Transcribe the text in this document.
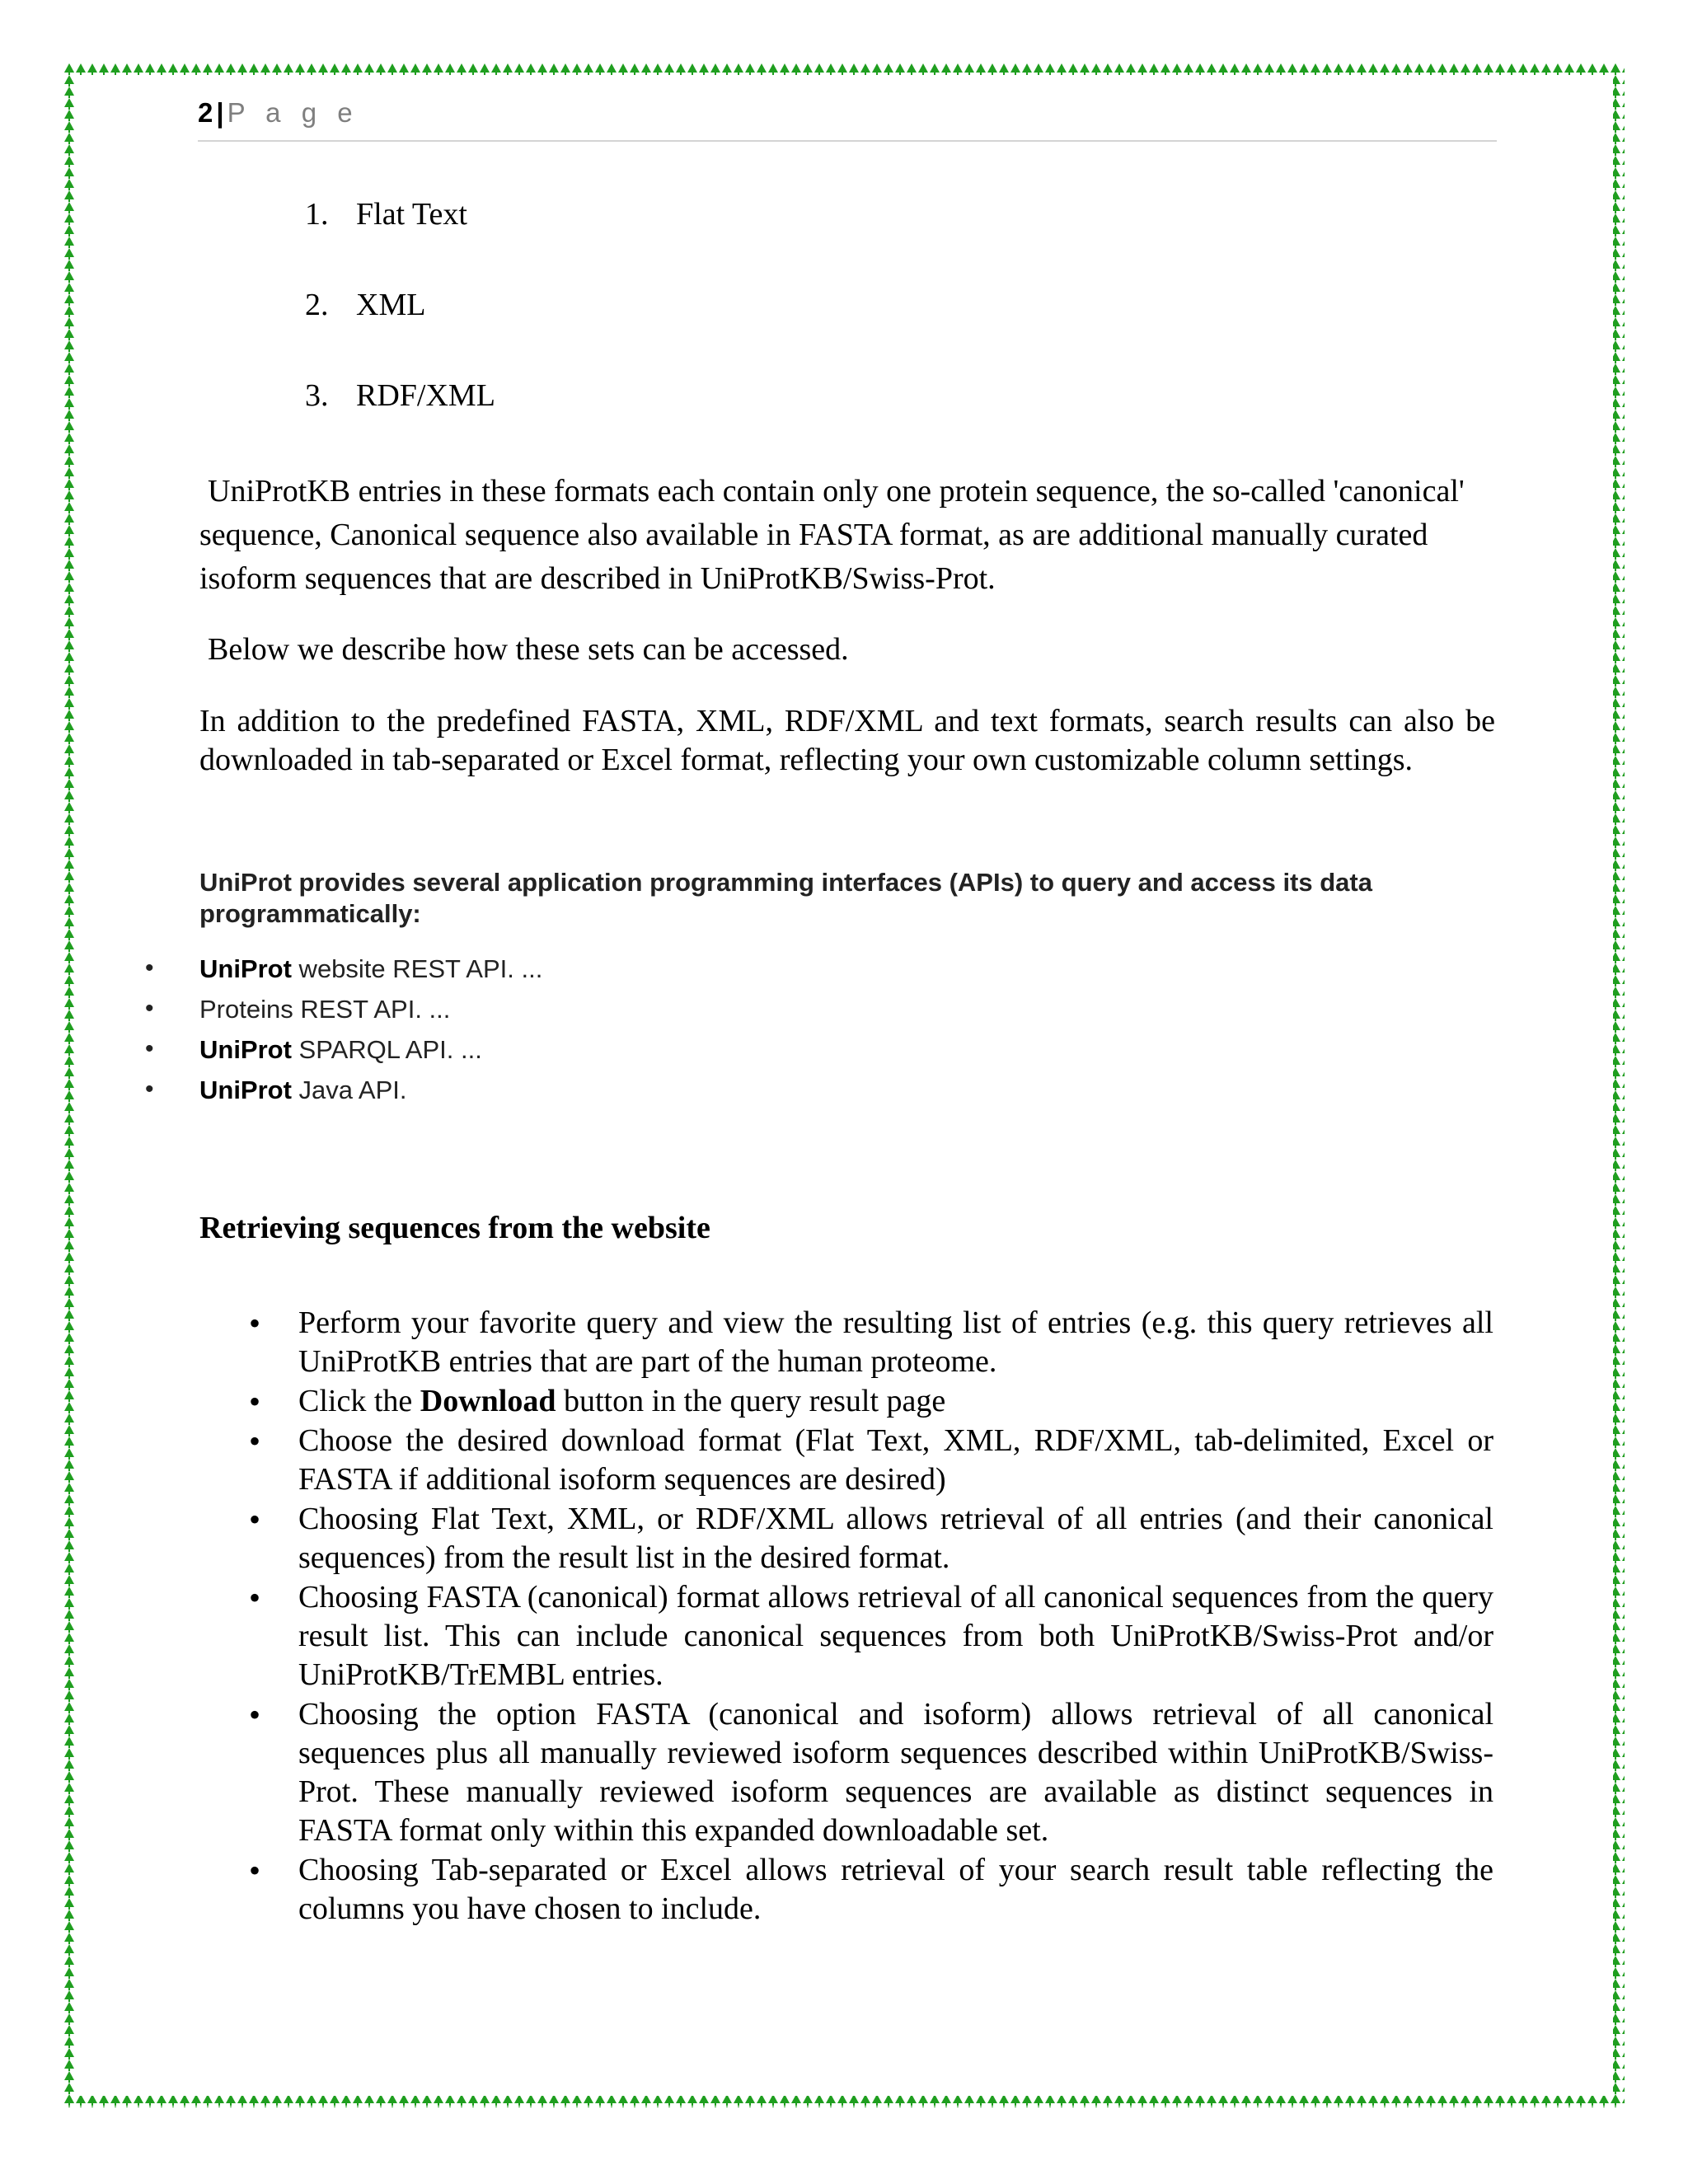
2 | P a g e
1. Flat Text
2. XML
3. RDF/XML

UniProtKB entries in these formats each contain only one protein sequence, the so-called 'canonical' sequence, Canonical sequence also available in FASTA format, as are additional manually curated isoform sequences that are described in UniProtKB/Swiss-Prot.

Below we describe how these sets can be accessed.

In addition to the predefined FASTA, XML, RDF/XML and text formats, search results can also be downloaded in tab-separated or Excel format, reflecting your own customizable column settings.

UniProt provides several application programming interfaces (APIs) to query and access its data programmatically:

• UniProt website REST API. ...
• Proteins REST API. ...
• UniProt SPARQL API. ...
• UniProt Java API.
Retrieving sequences from the website
• Perform your favorite query and view the resulting list of entries (e.g. this query retrieves all UniProtKB entries that are part of the human proteome.
• Click the Download button in the query result page
• Choose the desired download format (Flat Text, XML, RDF/XML, tab-delimited, Excel or FASTA if additional isoform sequences are desired)
• Choosing Flat Text, XML, or RDF/XML allows retrieval of all entries (and their canonical sequences) from the result list in the desired format.
• Choosing FASTA (canonical) format allows retrieval of all canonical sequences from the query result list. This can include canonical sequences from both UniProtKB/Swiss-Prot and/or UniProtKB/TrEMBL entries.
• Choosing the option FASTA (canonical and isoform) allows retrieval of all canonical sequences plus all manually reviewed isoform sequences described within UniProtKB/Swiss-Prot. These manually reviewed isoform sequences are available as distinct sequences in FASTA format only within this expanded downloadable set.
• Choosing Tab-separated or Excel allows retrieval of your search result table reflecting the columns you have chosen to include.
